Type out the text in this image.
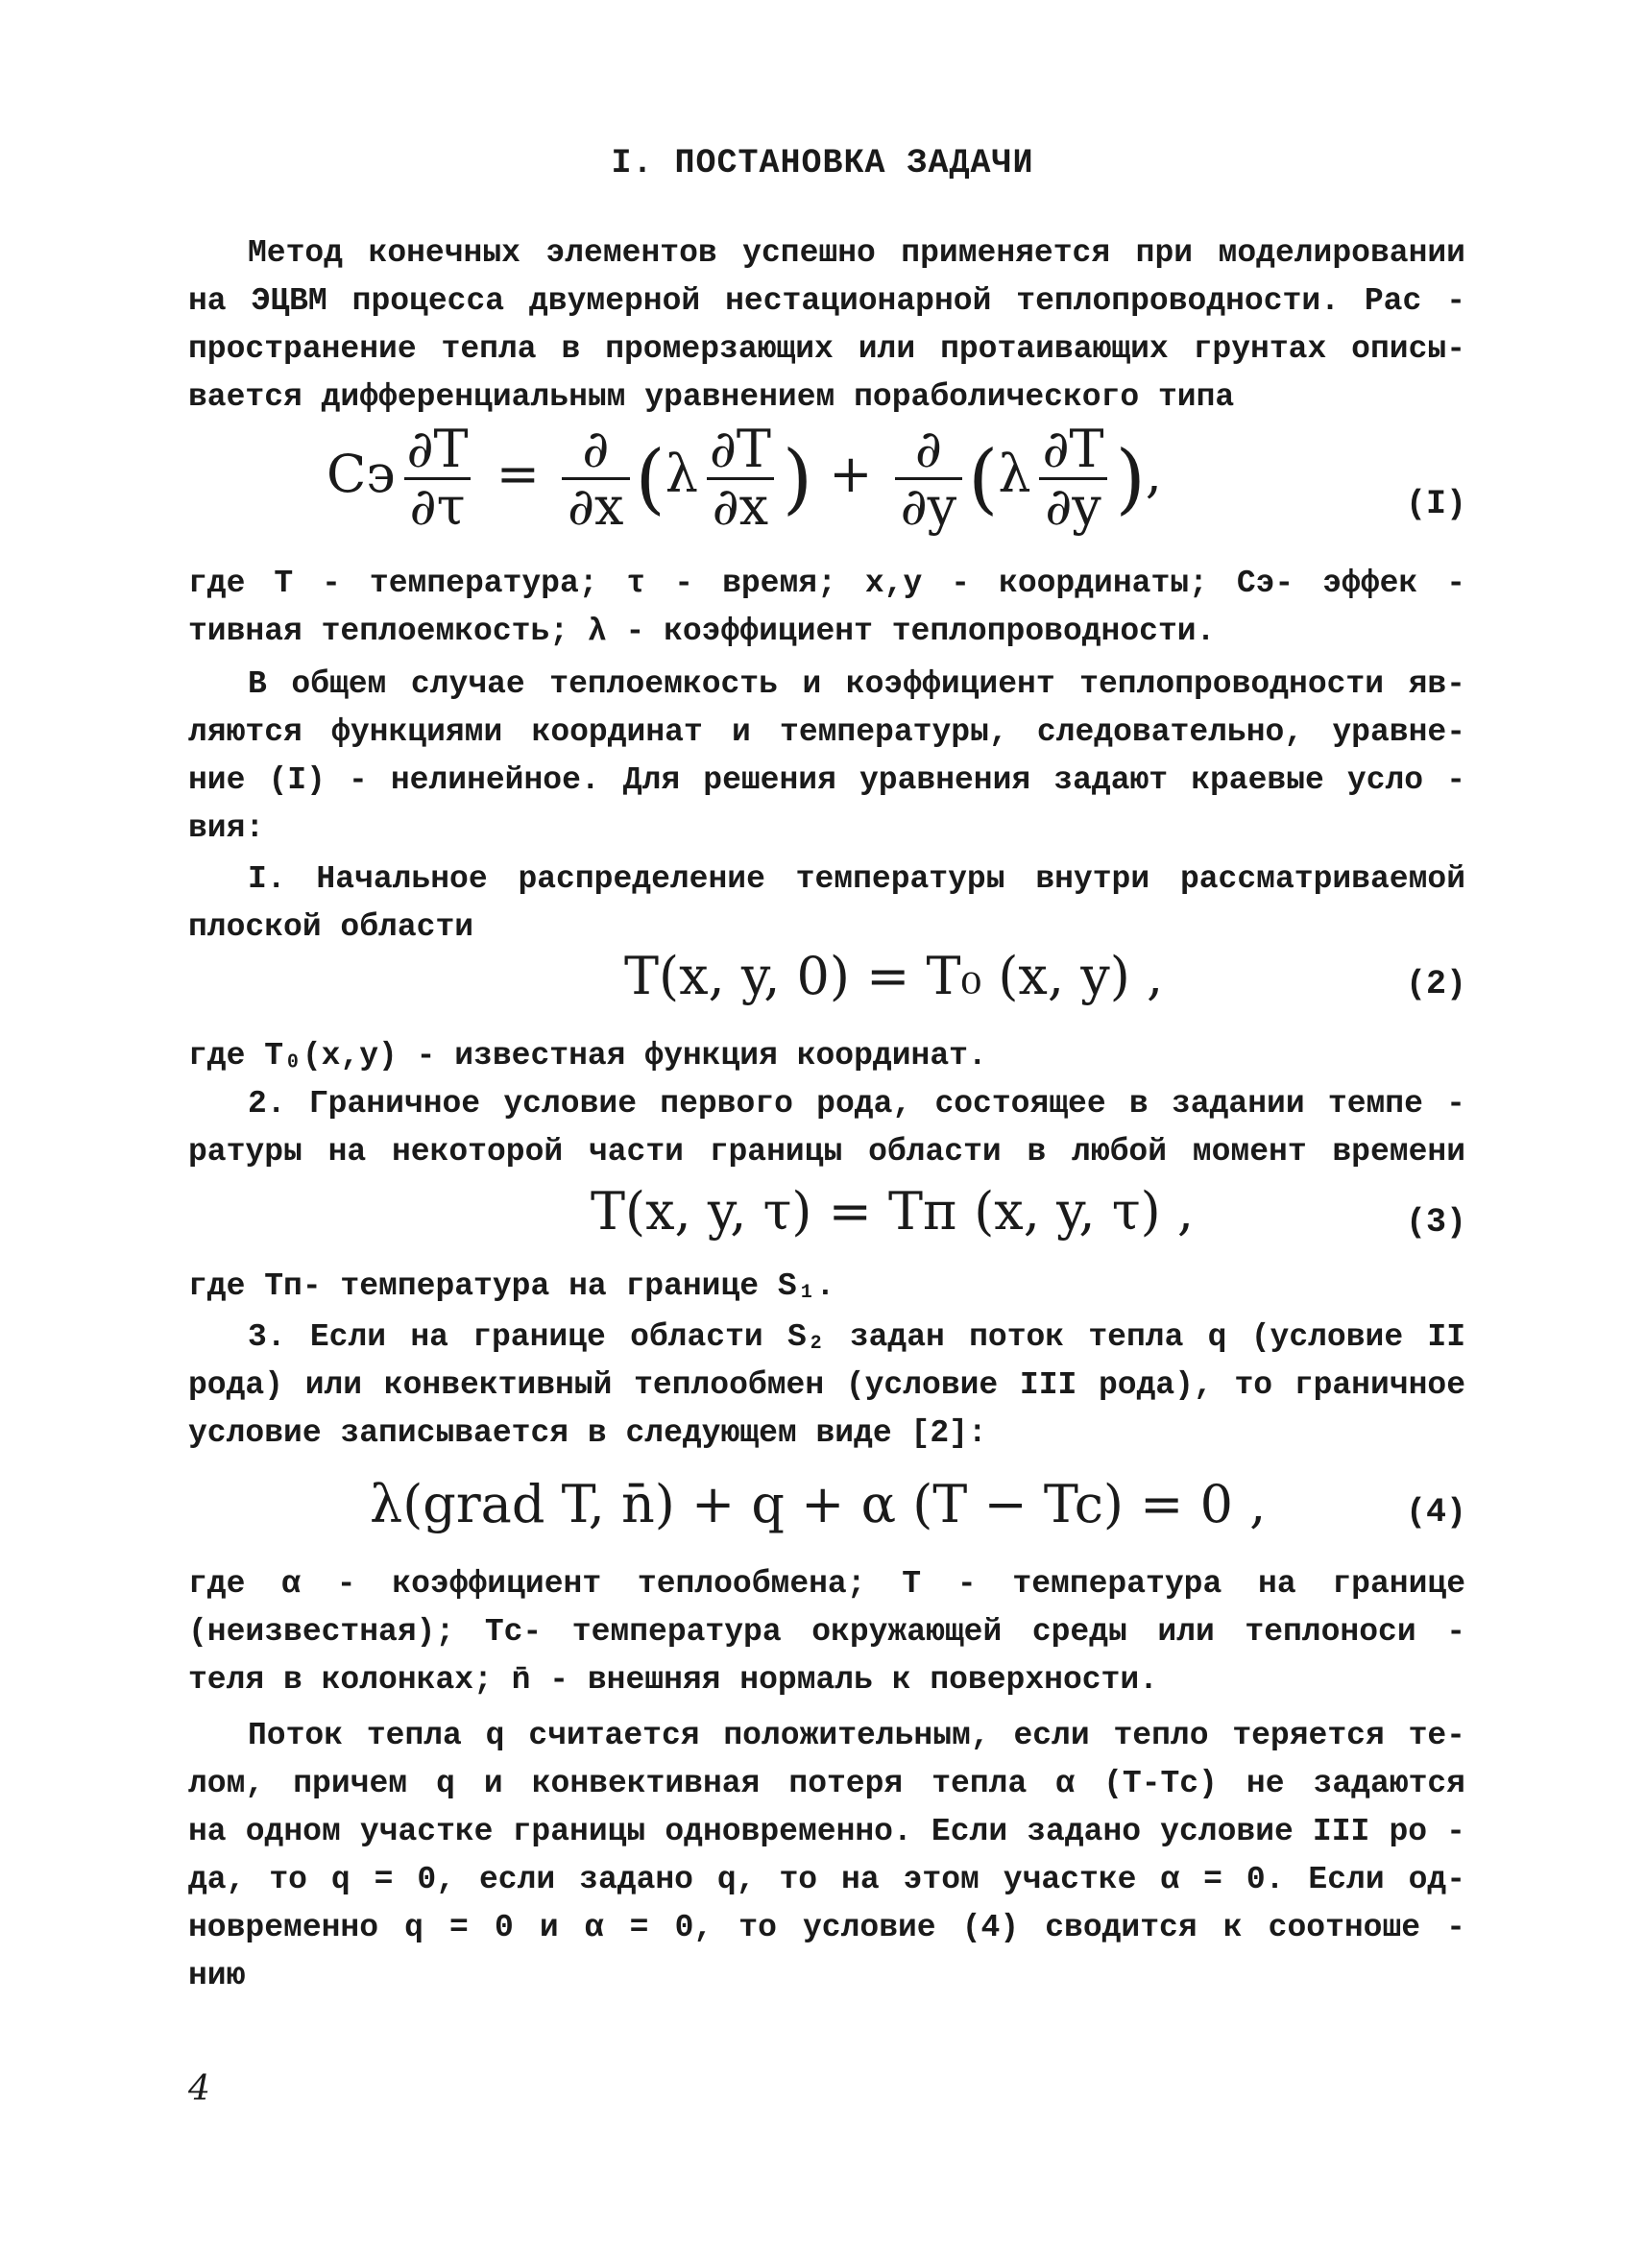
I. ПОСТАНОВКА ЗАДАЧИ
Метод конечных элементов успешно применяется при моделировании
на ЭЦВМ процесса двумерной нестационарной теплопроводности. Рас -
пространение тепла в промерзающих или протаивающих грунтах описы-
вается дифференциальным уравнением пораболического типа
Cэ $\frac{\partial T}{\partial\tau} = \frac{\partial}{\partial x} (\lambda \frac{\partial T}{\partial x}$ ) + $\frac{\partial}{\partial y} (\lambda \frac{\partial T}{\partial y}$ ),	(I)
где Т - температура; τ - время; x,y - координаты; Сэ- эффек -
тивная теплоемкость; λ - коэффициент теплопроводности.
В общем случае теплоемкость и коэффициент теплопроводности яв-
ляются функциями координат и температуры, следовательно, уравне-
ние (I) - нелинейное. Для решения уравнения задают краевые усло -
вия:
I. Начальное распределение температуры внутри рассматриваемой
плоской области
T(x, y, 0) = T₀ (x, y) ,	(2)
где Т₀(x,y) - известная функция координат.
2. Граничное условие первого рода, состоящее в задании темпе -
ратуры на некоторой части границы области в любой момент времени
T(x, y, τ) = Tп (x, y, τ) ,	(3)
где Тп- температура на границе S₁.
3. Если на границе области S₂ задан поток тепла q (условие II
рода) или конвективный теплообмен (условие III рода), то граничное
условие записывается в следующем виде [2]:
λ(grad T, n̄) + q + α (T − Tc) = 0 ,	(4)
где α - коэффициент теплообмена; Т - температура на границе
(неизвестная); Тс- температура окружающей среды или теплоноси -
теля в колонках; n̄ - внешняя нормаль к поверхности.
Поток тепла q считается положительным, если тепло теряется те-
лом, причем q и конвективная потеря тепла α (Т-Тс) не задаются
на одном участке границы одновременно. Если задано условие III ро -
да, то q = 0, если задано q, то на этом участке α = 0. Если од-
новременно q = 0 и α = 0, то условие (4) сводится к соотноше -
нию
4
